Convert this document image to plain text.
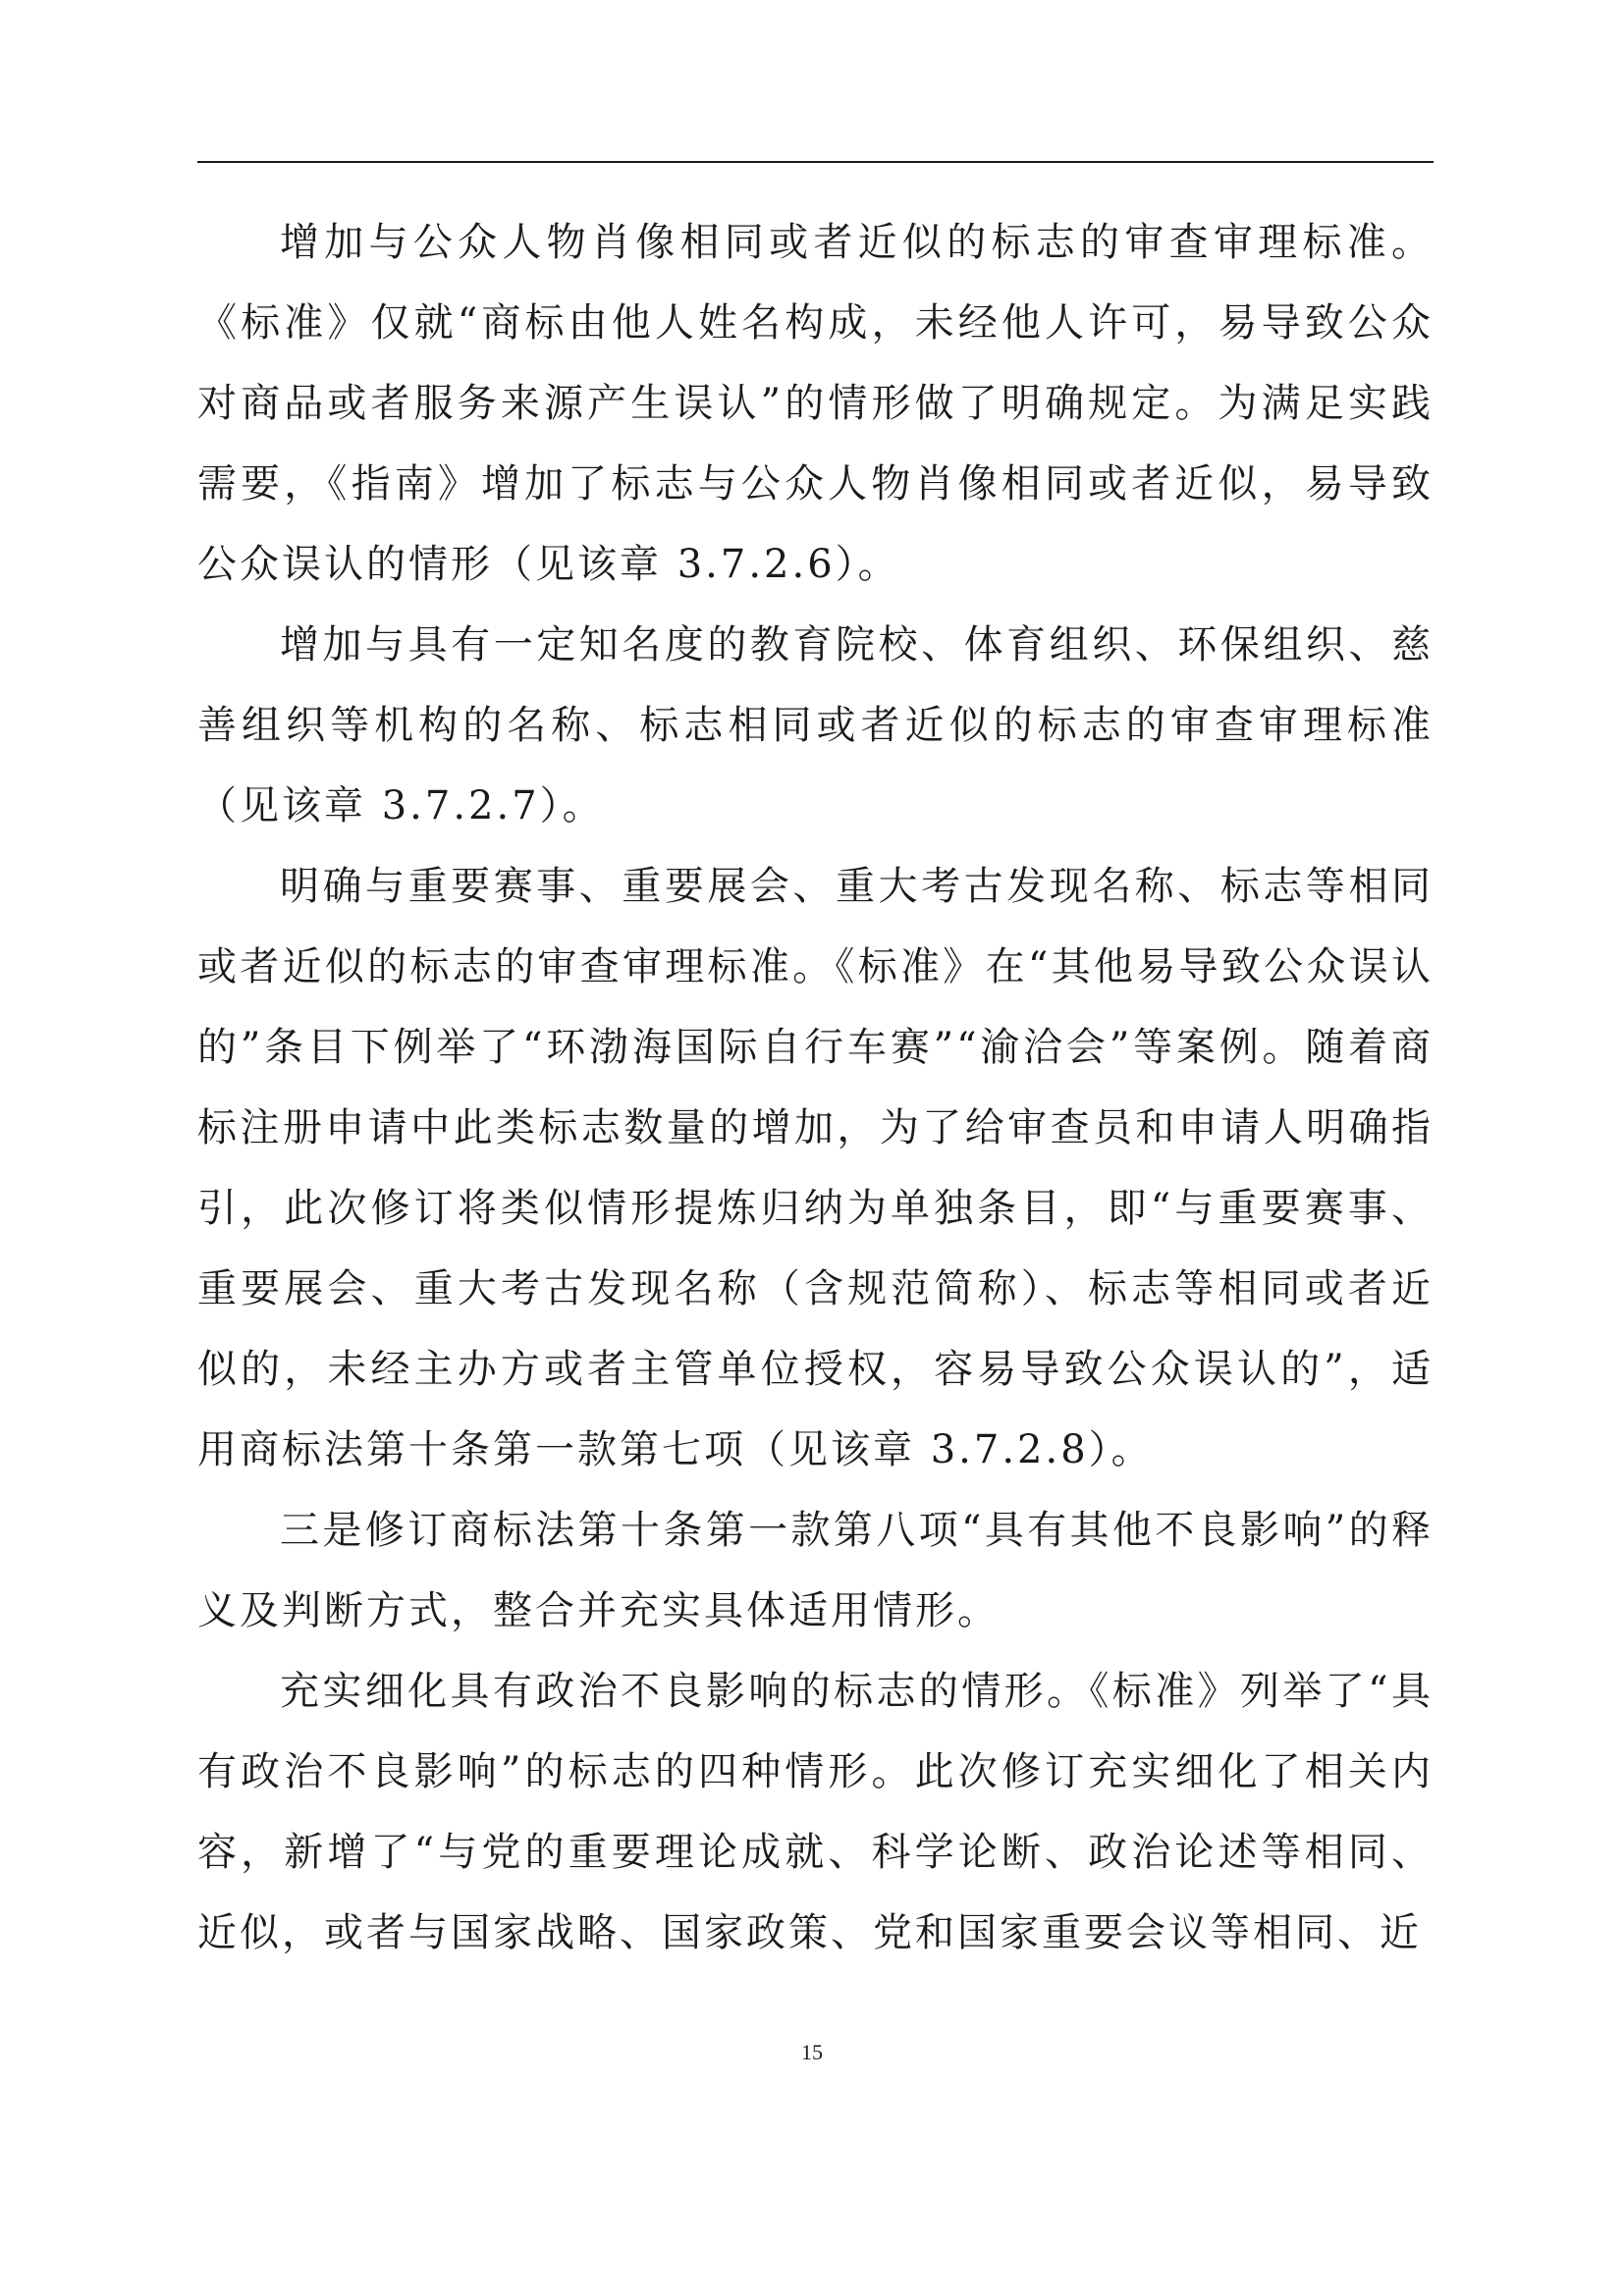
增加与公众人物肖像相同或者近似的标志的审查审理标准。《标准》仅就“商标由他人姓名构成，未经他人许可，易导致公众对商品或者服务来源产生误认”的情形做了明确规定。为满足实践需要，《指南》增加了标志与公众人物肖像相同或者近似，易导致公众误认的情形（见该章 3.7.2.6）。

增加与具有一定知名度的教育院校、体育组织、环保组织、慈善组织等机构的名称、标志相同或者近似的标志的审查审理标准（见该章 3.7.2.7）。

明确与重要赛事、重要展会、重大考古发现名称、标志等相同或者近似的标志的审查审理标准。《标准》在“其他易导致公众误认的”条目下例举了“环渤海国际自行车赛”“渝洽会”等案例。随着商标注册申请中此类标志数量的增加，为了给审查员和申请人明确指引，此次修订将类似情形提炼归纳为单独条目，即“与重要赛事、重要展会、重大考古发现名称（含规范简称）、标志等相同或者近似的，未经主办方或者主管单位授权，容易导致公众误认的”，适用商标法第十条第一款第七项（见该章 3.7.2.8）。

三是修订商标法第十条第一款第八项“具有其他不良影响”的释义及判断方式，整合并充实具体适用情形。

充实细化具有政治不良影响的标志的情形。《标准》列举了“具有政治不良影响”的标志的四种情形。此次修订充实细化了相关内容，新增了“与党的重要理论成就、科学论断、政治论述等相同、近似，或者与国家战略、国家政策、党和国家重要会议等相同、近

15
